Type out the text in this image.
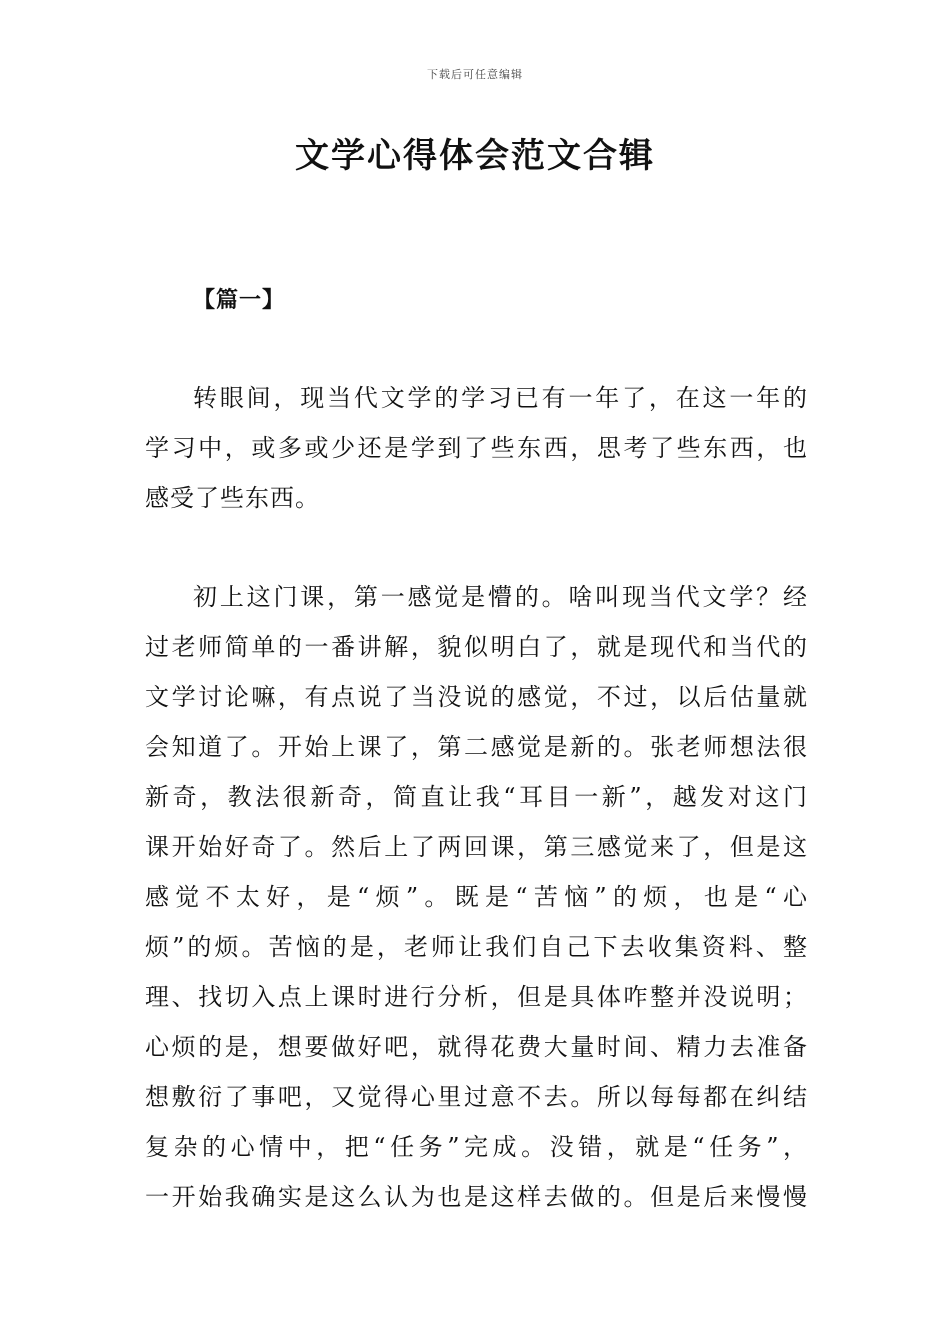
下载后可任意编辑
文学心得体会范文合辑
【篇一】
转眼间，现当代文学的学习已有一年了，在这一年的
学习中，或多或少还是学到了些东西，思考了些东西，也
感受了些东西。
初上这门课，第一感觉是懵的。啥叫现当代文学？经
过老师简单的一番讲解，貌似明白了，就是现代和当代的
文学讨论嘛，有点说了当没说的感觉，不过，以后估量就
会知道了。开始上课了，第二感觉是新的。张老师想法很
新奇，教法很新奇，简直让我“耳目一新”，越发对这门
课开始好奇了。然后上了两回课，第三感觉来了，但是这
感觉不太好，是“烦”。既是“苦恼”的烦，也是“心
烦”的烦。苦恼的是，老师让我们自己下去收集资料、整
理、找切入点上课时进行分析，但是具体咋整并没说明；
心烦的是，想要做好吧，就得花费大量时间、精力去准备
想敷衍了事吧，又觉得心里过意不去。所以每每都在纠结
复杂的心情中，把“任务”完成。没错，就是“任务”，
一开始我确实是这么认为也是这样去做的。但是后来慢慢
